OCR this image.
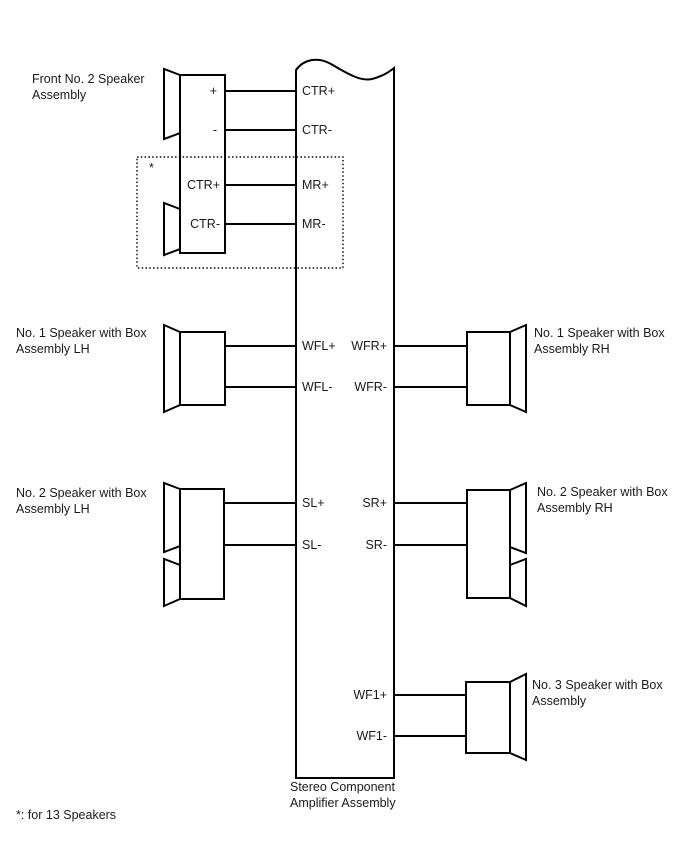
*
+
-
CTR+
CTR-
CTR+
CTR-
MR+
MR-
WFL+
WFL-
SL+
SL-
WFR+
WFR-
SR+
SR-
WF1+
WF1-
Front No. 2 Speaker
Assembly
No. 1 Speaker with Box
Assembly LH
No. 1 Speaker with Box
Assembly RH
No. 2 Speaker with Box
Assembly LH
No. 2 Speaker with Box
Assembly RH
No. 3 Speaker with Box
Assembly
Stereo Component
Amplifier Assembly
*: for 13 Speakers
